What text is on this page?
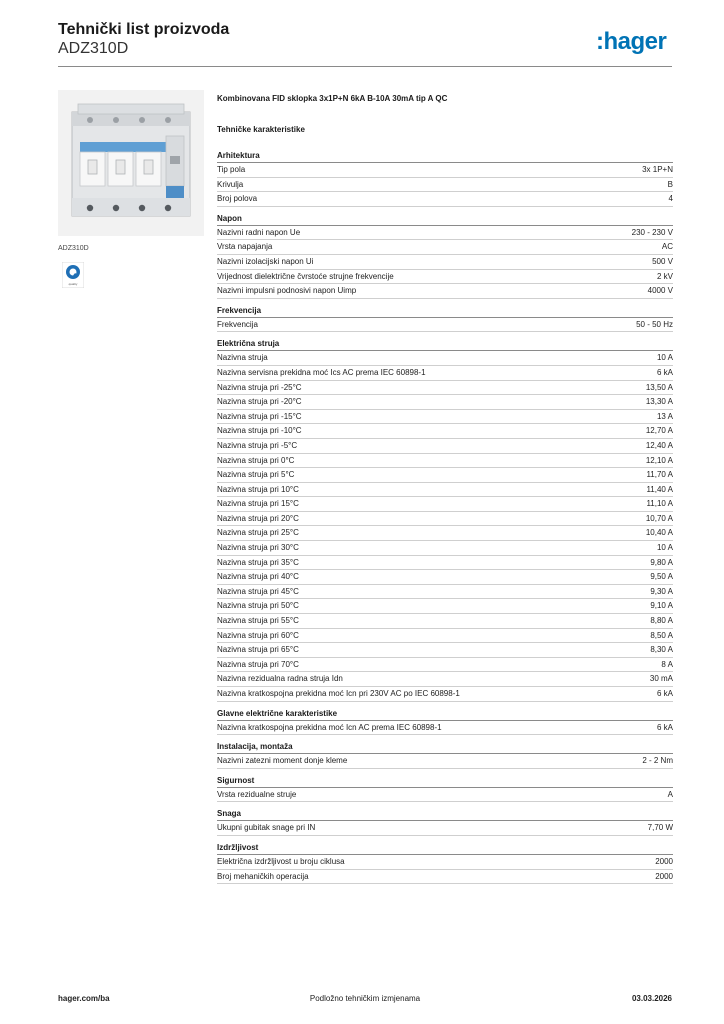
Tehnički list proizvoda
ADZ310D	:hager
ADZ310D
quality
Kombinovana FID sklopka 3x1P+N 6kA B-10A 30mA tip A QC
Tehničke karakteristike
Arhitektura
Tip pola	3x 1P+N
Krivulja	B
Broj polova	4
Napon
Nazivni radni napon Ue	230 - 230 V
Vrsta napajanja	AC
Nazivni izolacijski napon Ui	500 V
Vrijednost dielektrične čvrstoće strujne frekvencije	2 kV
Nazivni impulsni podnosivi napon Uimp	4000 V
Frekvencija
Frekvencija	50 - 50 Hz
Električna struja
Nazivna struja	10 A
Nazivna servisna prekidna moć Ics AC prema IEC 60898-1	6 kA
Nazivna struja pri -25°C	13,50 A
Nazivna struja pri -20°C	13,30 A
Nazivna struja pri -15°C	13 A
Nazivna struja pri -10°C	12,70 A
Nazivna struja pri -5°C	12,40 A
Nazivna struja pri 0°C	12,10 A
Nazivna struja pri 5°C	11,70 A
Nazivna struja pri 10°C	11,40 A
Nazivna struja pri 15°C	11,10 A
Nazivna struja pri 20°C	10,70 A
Nazivna struja pri 25°C	10,40 A
Nazivna struja pri 30°C	10 A
Nazivna struja pri 35°C	9,80 A
Nazivna struja pri 40°C	9,50 A
Nazivna struja pri 45°C	9,30 A
Nazivna struja pri 50°C	9,10 A
Nazivna struja pri 55°C	8,80 A
Nazivna struja pri 60°C	8,50 A
Nazivna struja pri 65°C	8,30 A
Nazivna struja pri 70°C	8 A
Nazivna rezidualna radna struja Idn	30 mA
Nazivna kratkospojna prekidna moć Icn pri 230V AC po IEC 60898-1	6 kA
Glavne električne karakteristike
Nazivna kratkospojna prekidna moć Icn AC prema IEC 60898-1	6 kA
Instalacija, montaža
Nazivni zatezni moment donje kleme	2 - 2 Nm
Sigurnost
Vrsta rezidualne struje	A
Snaga
Ukupni gubitak snage pri IN	7,70 W
Izdržljivost
Električna izdržljivost u broju ciklusa	2000
Broj mehaničkih operacija	2000
hager.com/ba	Podložno tehničkim izmjenama	03.03.2026
